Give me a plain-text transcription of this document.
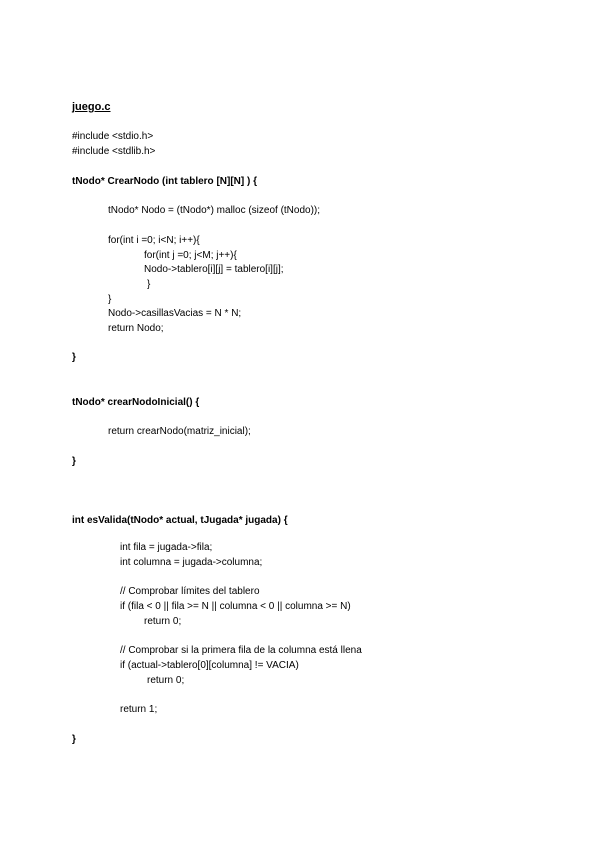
juego.c

#include <stdio.h>

#include <stdlib.h>

tNodo* CrearNodo (int tablero [N][N] ) {

tNodo* Nodo = (tNodo*) malloc (sizeof (tNodo));

for(int i =0; i<N; i++){

for(int j =0; j<M; j++){

Nodo->tablero[i][j] = tablero[i][j];

}

}

Nodo->casillasVacias = N * N;

return Nodo;

}

tNodo* crearNodoInicial() {

return crearNodo(matriz_inicial);

}

int esValida(tNodo* actual, tJugada* jugada) {

int fila = jugada->fila;

int columna = jugada->columna;

// Comprobar límites del tablero

if (fila < 0 || fila >= N || columna < 0 || columna >= N)

return 0;

// Comprobar si la primera fila de la columna está llena

if (actual->tablero[0][columna] != VACIA)

return 0;

return 1;

}
